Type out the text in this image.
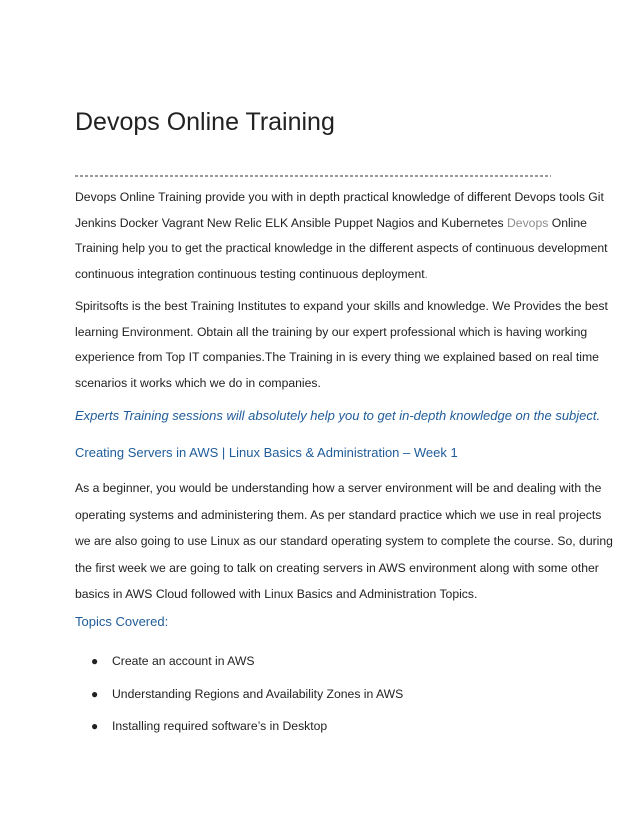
Devops Online Training

Devops Online Training provide you with in depth practical knowledge of different Devops tools Git
Jenkins Docker Vagrant New Relic ELK Ansible Puppet Nagios and Kubernetes Devops Online
Training help you to get the practical knowledge in the different aspects of continuous development
continuous integration continuous testing continuous deployment.

Spiritsofts is the best Training Institutes to expand your skills and knowledge. We Provides the best
learning Environment. Obtain all the training by our expert professional which is having working
experience from Top IT companies.The Training in is every thing we explained based on real time
scenarios it works which we do in companies.

Experts Training sessions will absolutely help you to get in-depth knowledge on the subject.

Creating Servers in AWS | Linux Basics & Administration – Week 1

As a beginner, you would be understanding how a server environment will be and dealing with the
operating systems and administering them. As per standard practice which we use in real projects
we are also going to use Linux as our standard operating system to complete the course. So, during
the first week we are going to talk on creating servers in AWS environment along with some other
basics in AWS Cloud followed with Linux Basics and Administration Topics.

Topics Covered:
● Create an account in AWS
● Understanding Regions and Availability Zones in AWS
● Installing required software’s in Desktop
